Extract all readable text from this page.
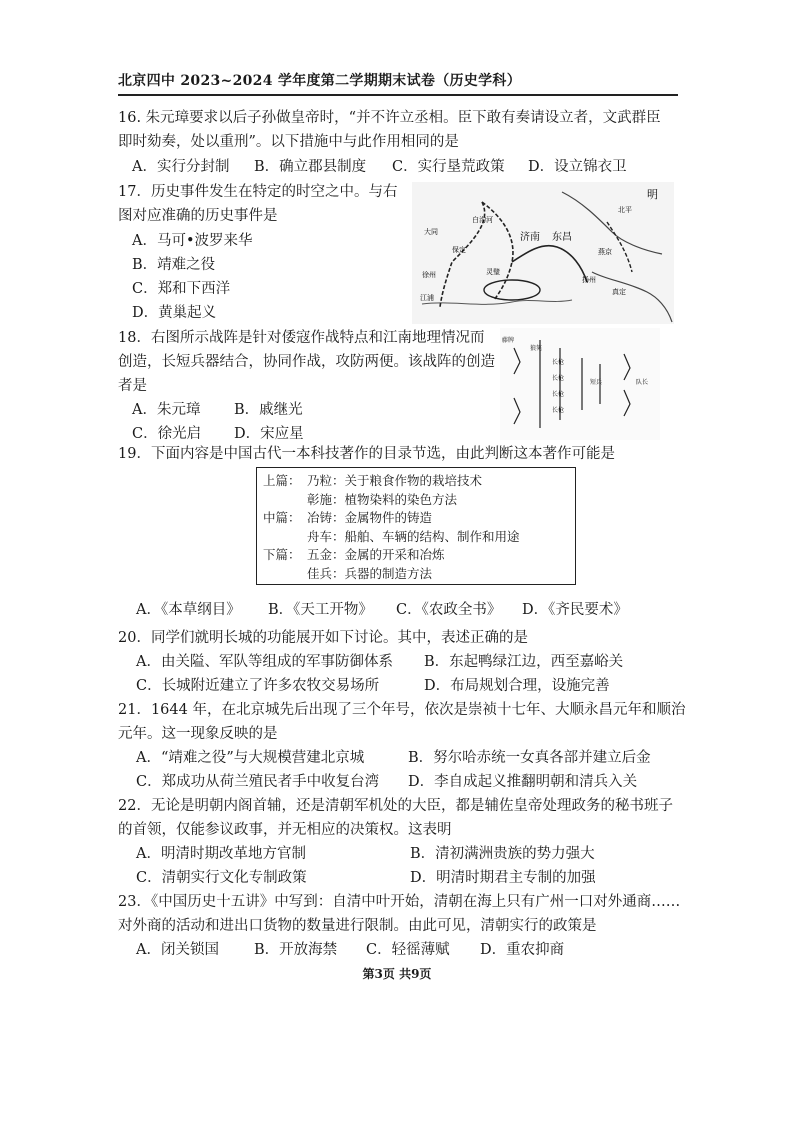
北京四中 2023~2024 学年度第二学期期末试卷（历史学科）
16. 朱元璋要求以后子孙做皇帝时，“并不许立丞相。臣下敢有奏请设立者，文武群臣
即时劾奏，处以重刑”。以下措施中与此作用相同的是
A．实行分封制 B．确立郡县制度 C．实行垦荒政策 D．设立锦衣卫
17．历史事件发生在特定的时空之中。与右
图对应准确的历史事件是
A．马可•波罗来华
B．靖难之役
C．郑和下西洋
D．黄巢起义
明
大同
保定
济南
白沟河
东昌
灵璧
徐州
扬州
江浦
燕京
北平
真定
18．右图所示战阵是针对倭寇作战特点和江南地理情况而
创造，长短兵器结合，协同作战，攻防两便。该战阵的创造
者是
A．朱元璋 B．戚继光
C．徐光启 D．宋应星
藤牌
狼筅
长枪
长枪
长枪
长枪
短兵	队长
19．下面内容是中国古代一本科技著作的目录节选，由此判断这本著作可能是
上篇： 乃粒：关于粮食作物的栽培技术
彰施：植物染料的染色方法
中篇： 冶铸：金属物件的铸造
舟车：船舶、车辆的结构、制作和用途
下篇： 五金：金属的开采和冶炼
佳兵：兵器的制造方法
A．《本草纲目》 B．《天工开物》 C．《农政全书》 D．《齐民要术》
20．同学们就明长城的功能展开如下讨论。其中，表述正确的是
A．由关隘、军队等组成的军事防御体系 B．东起鸭绿江边，西至嘉峪关
C．长城附近建立了许多农牧交易场所	D．布局规划合理，设施完善
21．1644 年，在北京城先后出现了三个年号，依次是崇祯十七年、大顺永昌元年和顺治
元年。这一现象反映的是
A．“靖难之役”与大规模营建北京城	B．努尔哈赤统一女真各部并建立后金
C．郑成功从荷兰殖民者手中收复台湾 D．李自成起义推翻明朝和清兵入关
22．无论是明朝内阁首辅，还是清朝军机处的大臣，都是辅佐皇帝处理政务的秘书班子
的首领，仅能参议政事，并无相应的决策权。这表明
A．明清时期改革地方官制	B．清初满洲贵族的势力强大
C．清朝实行文化专制政策	D．明清时期君主专制的加强
23．《中国历史十五讲》中写到：自清中叶开始，清朝在海上只有广州一口对外通商……
对外商的活动和进出口货物的数量进行限制。由此可见，清朝实行的政策是
A．闭关锁国 B．开放海禁 C．轻徭薄赋 D．重农抑商
第3页 共9页
